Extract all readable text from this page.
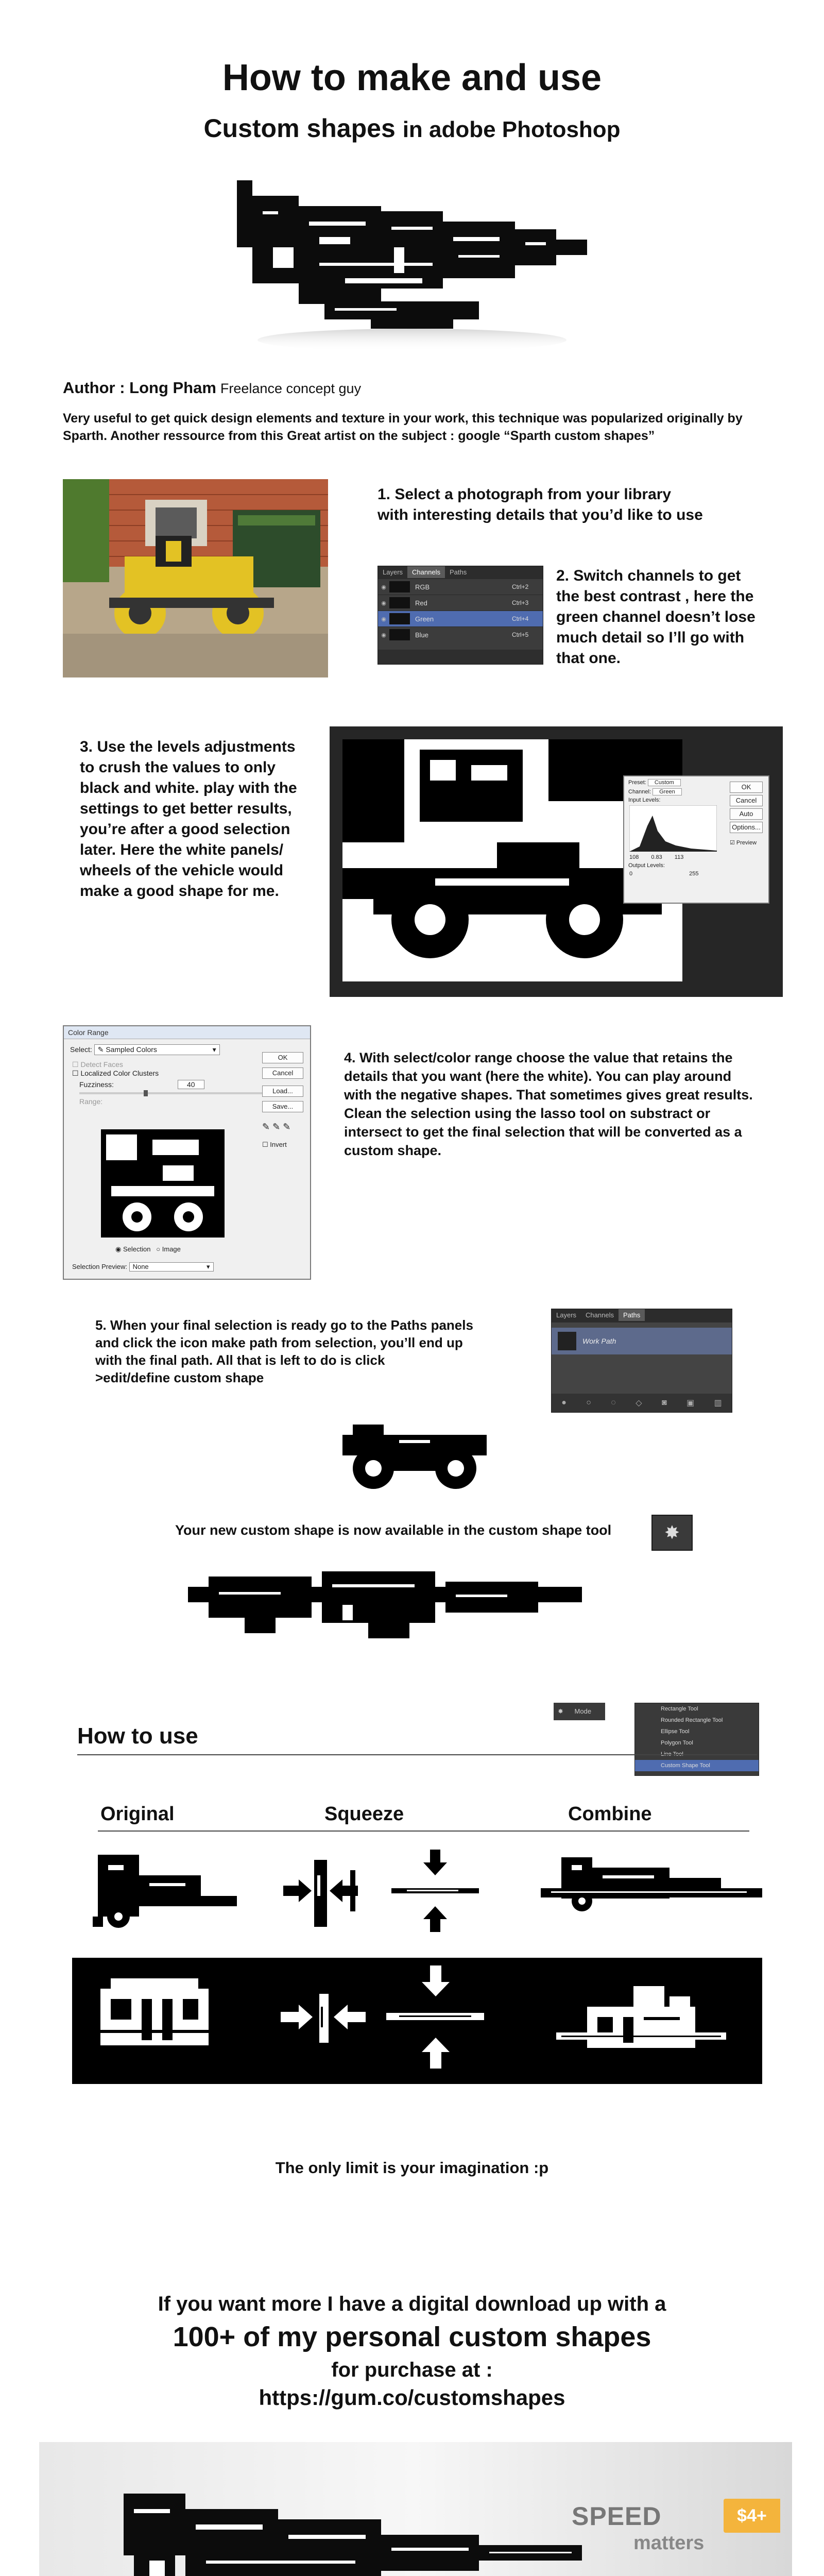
How to make and use
Custom shapes in adobe Photoshop
Author : Long Pham Freelance concept guy
Very useful to get quick design elements and texture in your work, this technique was popularized originally by Sparth. Another ressource from this Great artist on the subject : google “Sparth custom shapes”
1. Select a photograph from your library
with interesting details that you’d like to use
Layers Channels Paths
◉	RGB	Ctrl+2
◉	Red	Ctrl+3
◉	Green	Ctrl+4
◉	Blue	Ctrl+5
2. Switch channels to get
the best contrast , here the
green channel doesn’t lose
much detail so I’ll go with
that one.
3. Use the levels adjustments
to crush the values to only
black and white. play with the
settings to get better results,
you’re after a good selection
later. Here the white panels/
wheels of the vehicle would
make a good shape for me.
Preset: Custom
Channel: Green
Input Levels:
108 0.83 113
Output Levels:
0	255
OK
Cancel
Auto
Options...
☑ Preview
Color Range
Select: ✎ Sampled Colors	▾
☐ Detect Faces
☐ Localized Color Clusters
Fuzziness:	40
Range:
◉ Selection ○ Image
Selection Preview: None	▾
OK
Cancel
Load...
Save...
✎ ✎ ✎
☐ Invert
4. With select/color range choose the value that retains the
details that you want (here the white). You can play around
with the negative shapes. That sometimes gives great results.
Clean the selection using the lasso tool on substract or
intersect to get the final selection that will be converted as a
custom shape.
5. When your final selection is ready go to the Paths panels
and click the icon make path from selection, you’ll end up
with the final path. All that is left to do is click
>edit/define custom shape
Layers Channels Paths
Work Path
● ○ ◌ ◇ ◙ ▣ ▥
Your new custom shape is now available in the custom shape tool	✸
✸ Mode	Rectangle Tool
Rounded Rectangle Tool
Ellipse Tool
Polygon Tool
Custom Shape Tool
How to use
Original	Squeeze	Combine
The only limit is your imagination :p
If you want more I have a digital download up with a
100+ of my personal custom shapes
for purchase at :
https://gum.co/customshapes
SPEED
matters
$4+
